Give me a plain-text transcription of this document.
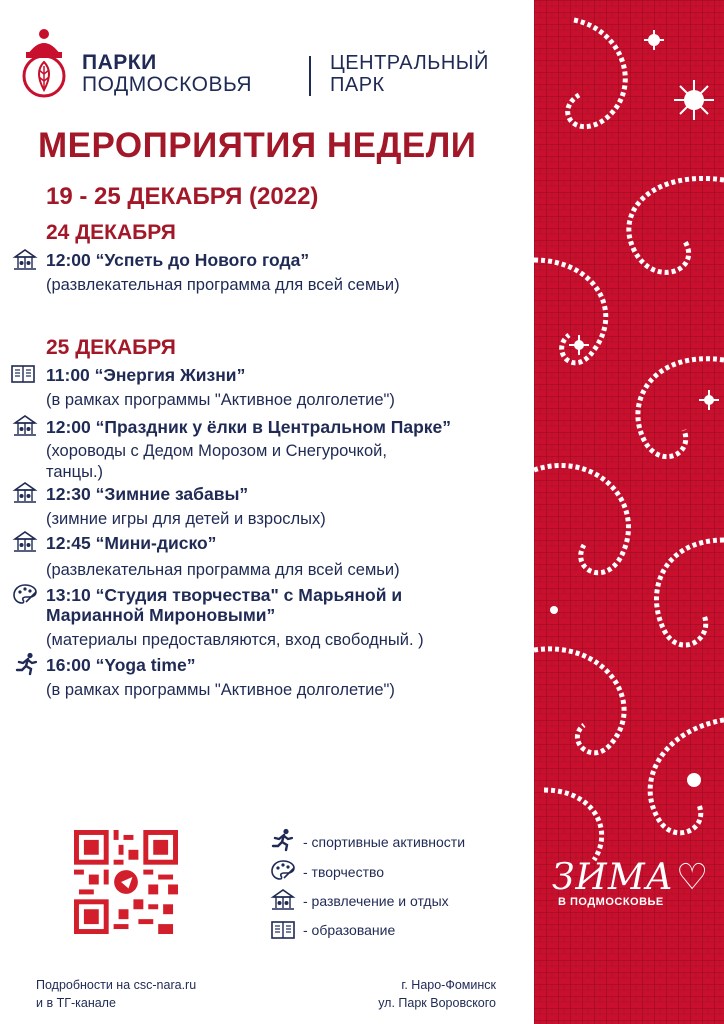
ПАРКИ
ПОДМОСКОВЬЯ
ЦЕНТРАЛЬНЫЙ
ПАРК
МЕРОПРИЯТИЯ НЕДЕЛИ
19 - 25 ДЕКАБРЯ (2022)
24 ДЕКАБРЯ
12:00 “Успеть до Нового года”
(развлекательная программа для всей семьи)
25 ДЕКАБРЯ
11:00 “Энергия Жизни”
(в рамках программы "Активное долголетие")
12:00 “Праздник у ёлки в Центральном Парке”
(хороводы с Дедом Морозом и Снегурочкой,
танцы.)
12:30 “Зимние забавы”
(зимние игры для детей и взрослых)
12:45 “Мини-диско”
(развлекательная программа для всей семьи)
13:10 “Студия творчества" с Марьяной и
Марианной Мироновыми”
(материалы предоставляются, вход свободный. )
16:00 “Yoga time”
(в рамках программы "Активное долголетие")
ЗИМА♡
В ПОДМОСКОВЬЕ
- спортивные активности
- творчество
- развлечение и отдых
- образование
Подробности на csc-nara.ru
и в ТГ-канале
г. Наро-Фоминск
ул. Парк Воровского
